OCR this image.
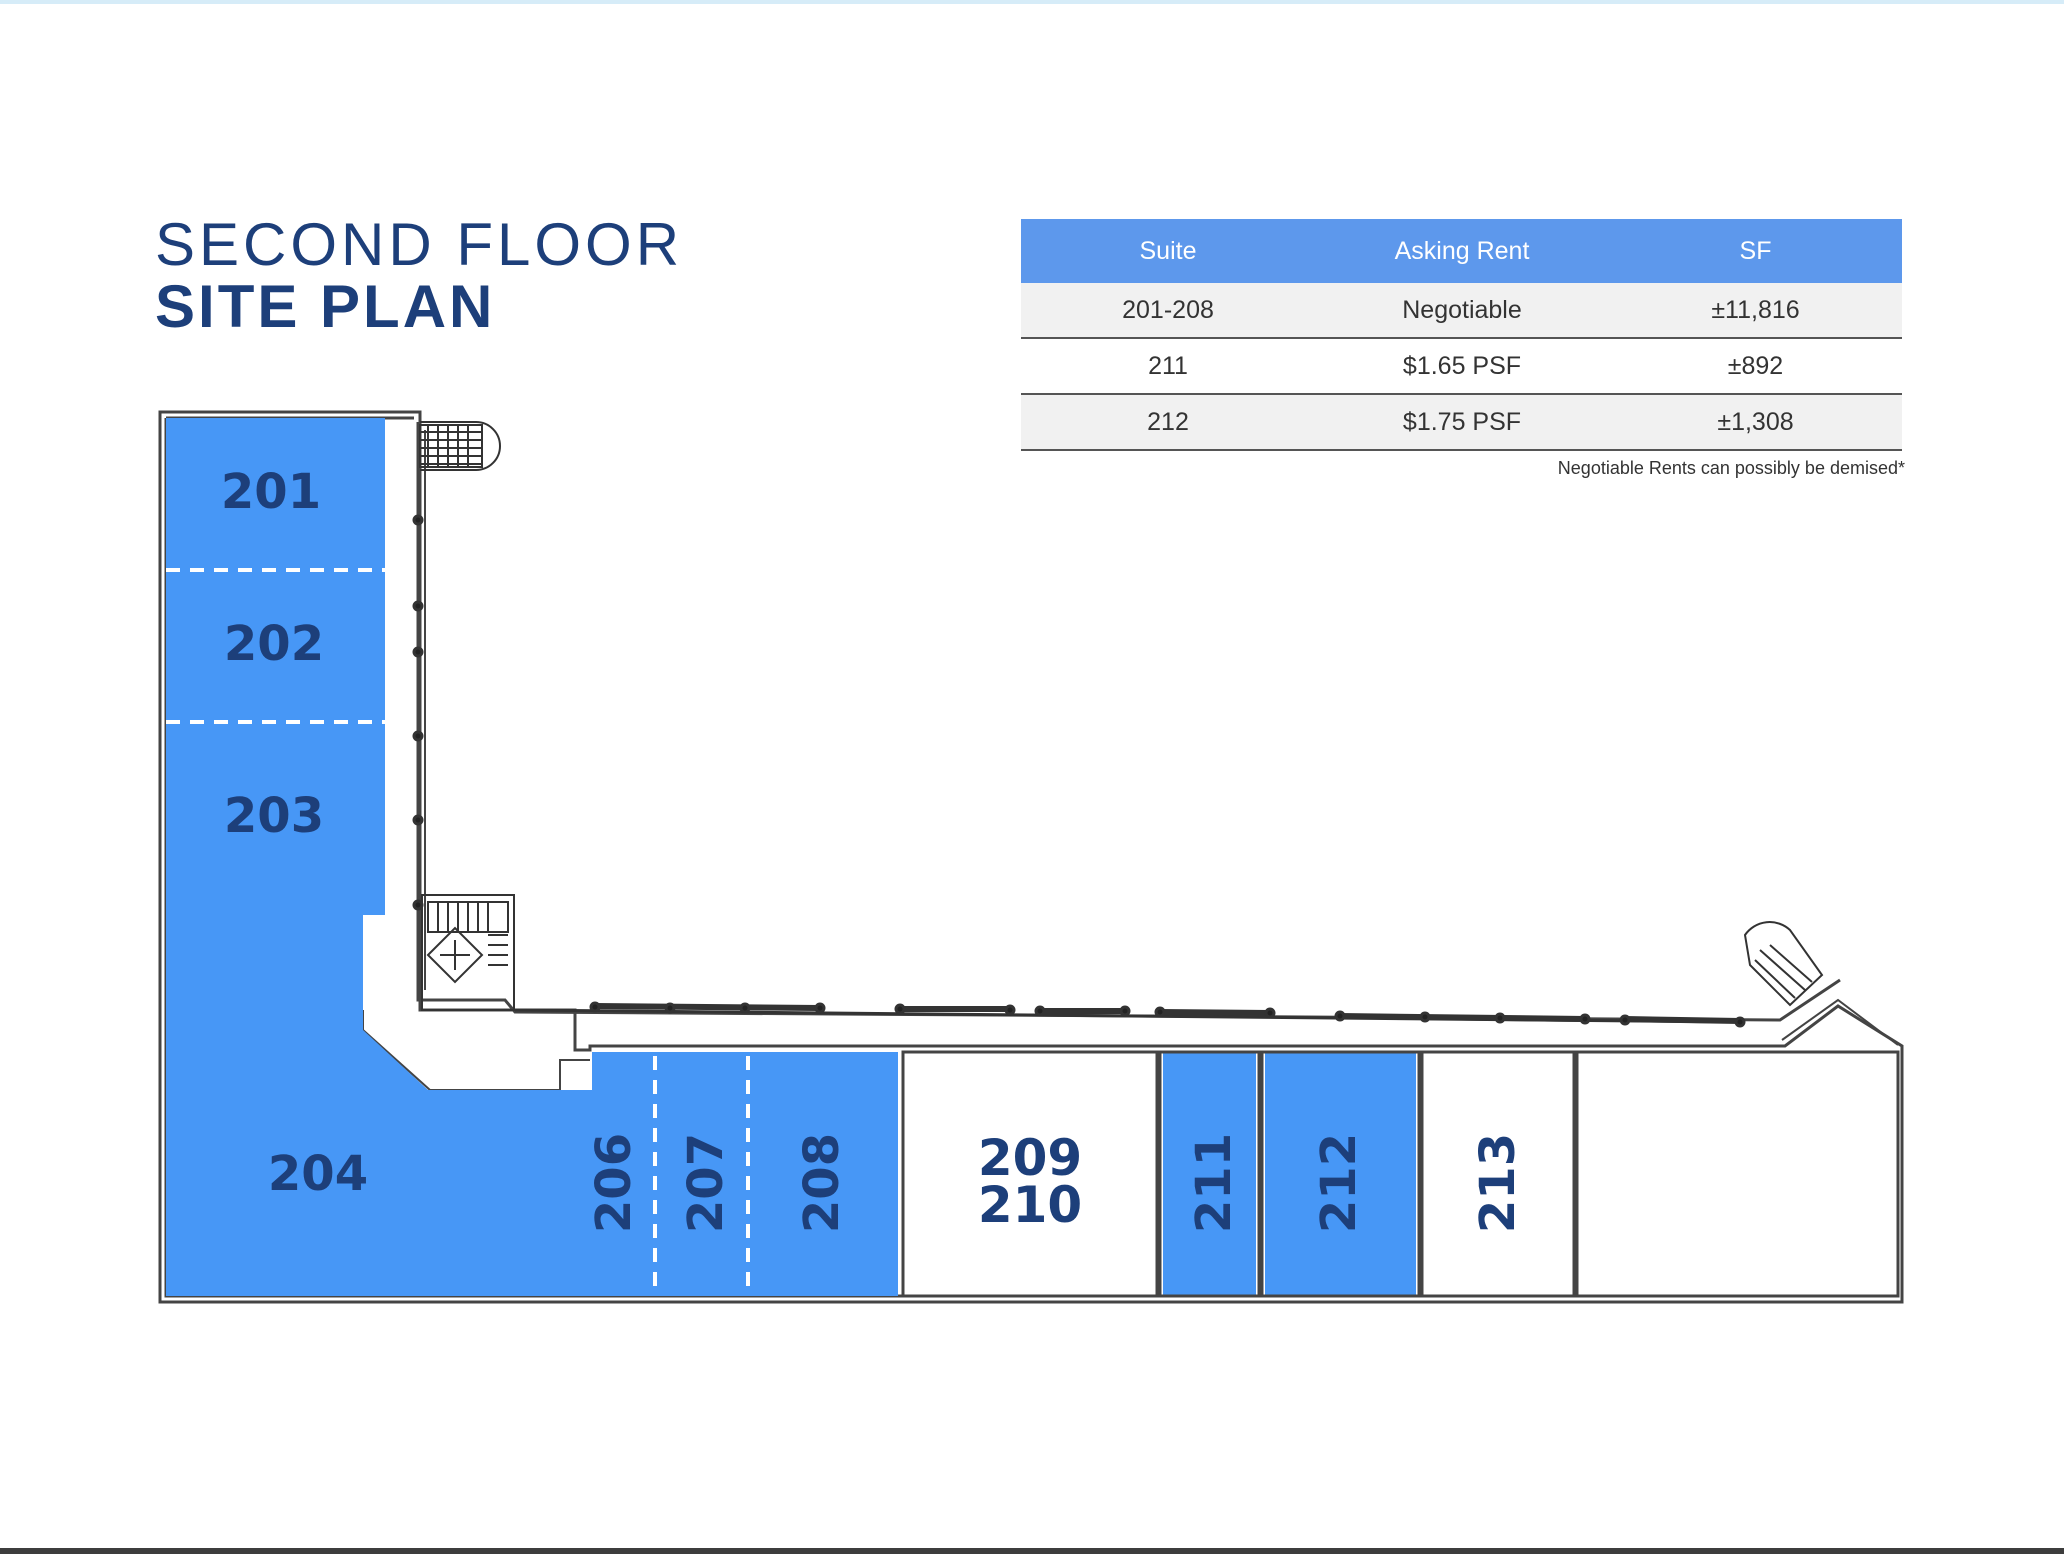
SECOND FLOOR
SITE PLAN
Suite	Asking Rent	SF
201-208	Negotiable	±11,816
211	$1.65 PSF	±892
212	$1.75 PSF	±1,308
Negotiable Rents can possibly be demised*
201
202
203
204	206 207 208	209
210 211 212 213
